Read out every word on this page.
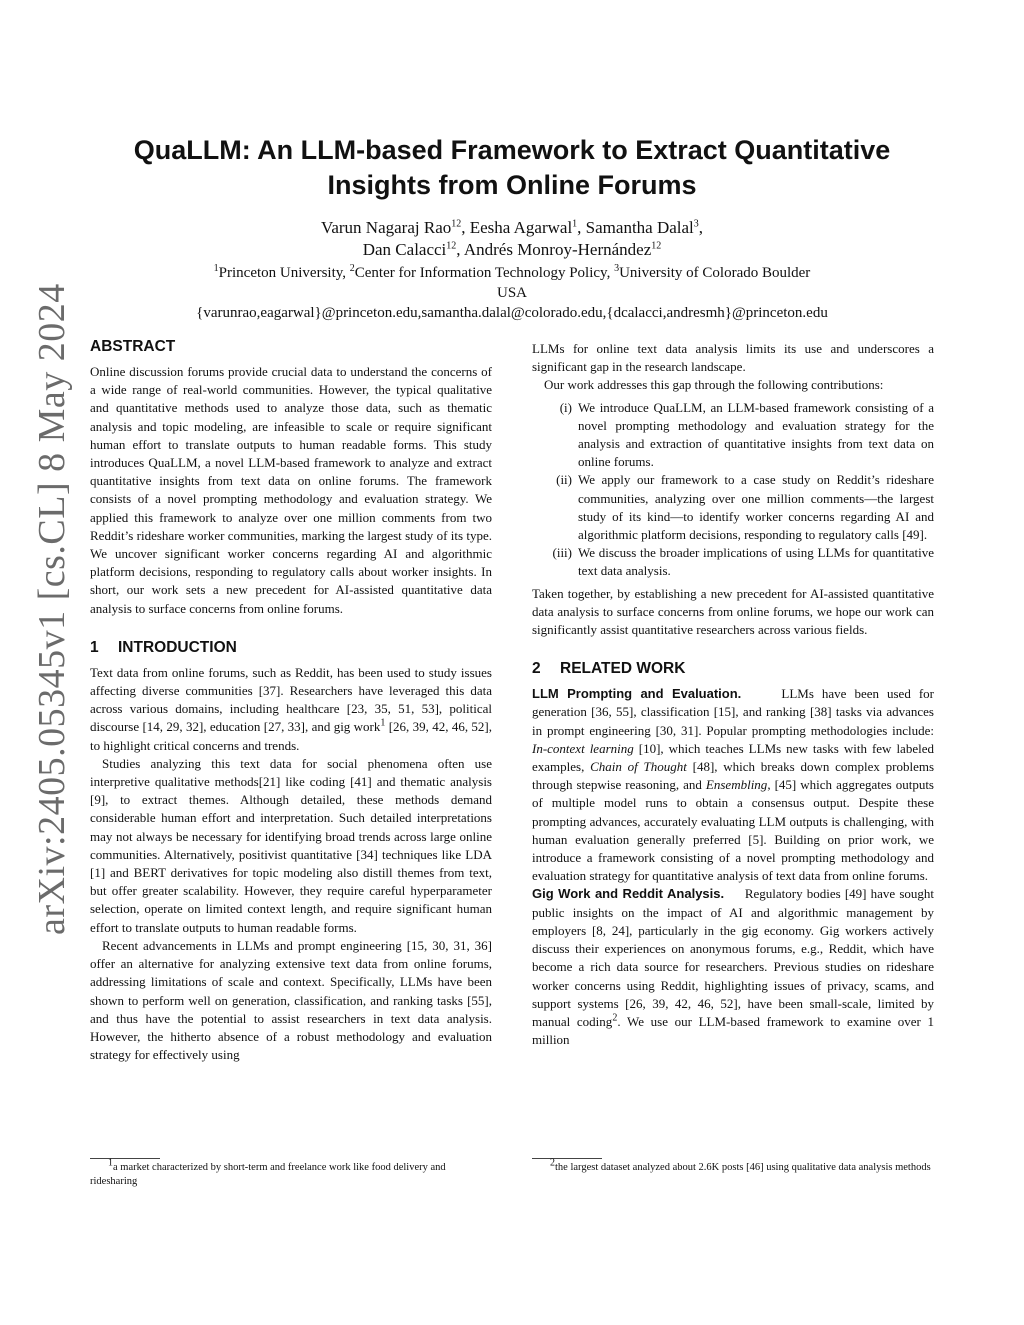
arXiv:2405.05345v1 [cs.CL] 8 May 2024
QuaLLM: An LLM-based Framework to Extract Quantitative
Insights from Online Forums
Varun Nagaraj Rao$^{12}$, Eesha Agarwal$^1$, Samantha Dalal$^3$,
Dan Calacci$^{12}$, Andrés Monroy-Hernández$^{12}$
$^1$Princeton University, $^2$Center for Information Technology Policy, $^3$University of Colorado Boulder
USA
{varunrao,eagarwal}@princeton.edu,samantha.dalal@colorado.edu,{dcalacci,andresmh}@princeton.edu
ABSTRACT

Online discussion forums provide crucial data to understand the concerns of a wide range of real-world communities. However, the typical qualitative and quantitative methods used to analyze those data, such as thematic analysis and topic modeling, are infeasible to scale or require significant human effort to translate outputs to human readable forms. This study introduces QuaLLM, a novel LLM-based framework to analyze and extract quantitative insights from text data on online forums. The framework consists of a novel prompting methodology and evaluation strategy. We applied this framework to analyze over one million comments from two Reddit’s rideshare worker communities, marking the largest study of its type. We uncover significant worker concerns regarding AI and algorithmic platform decisions, responding to regulatory calls about worker insights. In short, our work sets a new precedent for AI-assisted quantitative data analysis to surface concerns from online forums.

1 INTRODUCTION

Text data from online forums, such as Reddit, has been used to study issues affecting diverse communities [37]. Researchers have leveraged this data across various domains, including healthcare [23, 35, 51, 53], political discourse [14, 29, 32], education [27, 33], and gig work$^1$ [26, 39, 42, 46, 52], to highlight critical concerns and trends.

Studies analyzing this text data for social phenomena often use interpretive qualitative methods[21] like coding [41] and thematic analysis [9], to extract themes. Although detailed, these methods demand considerable human effort and interpretation. Such detailed interpretations may not always be necessary for identifying broad trends across large online communities. Alternatively, positivist quantitative [34] techniques like LDA [1] and BERT derivatives for topic modeling also distill themes from text, but offer greater scalability. However, they require careful hyperparameter selection, operate on limited context length, and require significant human effort to translate outputs to human readable forms.

Recent advancements in LLMs and prompt engineering [15, 30, 31, 36] offer an alternative for analyzing extensive text data from online forums, addressing limitations of scale and context. Specifically, LLMs have been shown to perform well on generation, classification, and ranking tasks [55], and thus have the potential to assist researchers in text data analysis. However, the hitherto absence of a robust methodology and evaluation strategy for effectively using

LLMs for online text data analysis limits its use and underscores a significant gap in the research landscape.

Our work addresses this gap through the following contributions:

(i) We introduce QuaLLM, an LLM-based framework consisting of a novel prompting methodology and evaluation strategy for the analysis and extraction of quantitative insights from text data on online forums.
(ii) We apply our framework to a case study on Reddit’s rideshare communities, analyzing over one million comments—the largest study of its kind—to identify worker concerns regarding AI and algorithmic platform decisions, responding to regulatory calls [49].
(iii) We discuss the broader implications of using LLMs for quantitative text data analysis.

Taken together, by establishing a new precedent for AI-assisted quantitative data analysis to surface concerns from online forums, we hope our work can significantly assist quantitative researchers across various fields.

2 RELATED WORK

LLM Prompting and Evaluation.	LLMs have been used for generation [36, 55], classification [15], and ranking [38] tasks via advances in prompt engineering [30, 31]. Popular prompting methodologies include: In-context learning [10], which teaches LLMs new tasks with few labeled examples, Chain of Thought [48], which breaks down complex problems through stepwise reasoning, and Ensembling, [45] which aggregates outputs of multiple model runs to obtain a consensus output. Despite these prompting advances, accurately evaluating LLM outputs is challenging, with human evaluation generally preferred [5]. Building on prior work, we introduce a framework consisting of a novel prompting methodology and evaluation strategy for quantitative analysis of text data from online forums.

Gig Work and Reddit Analysis. Regulatory bodies [49] have sought public insights on the impact of AI and algorithmic management by employers [8, 24], particularly in the gig economy. Gig workers actively discuss their experiences on anonymous forums, e.g., Reddit, which have become a rich data source for researchers. Previous studies on rideshare worker concerns using Reddit, highlighting issues of privacy, scams, and support systems [26, 39, 42, 46, 52], have been small-scale, limited by manual coding$^2$. We use our LLM-based framework to examine over 1 million

$^1$a market characterized by short-term and freelance work like food delivery and ridesharing
$^2$the largest dataset analyzed about 2.6K posts [46] using qualitative data analysis methods
